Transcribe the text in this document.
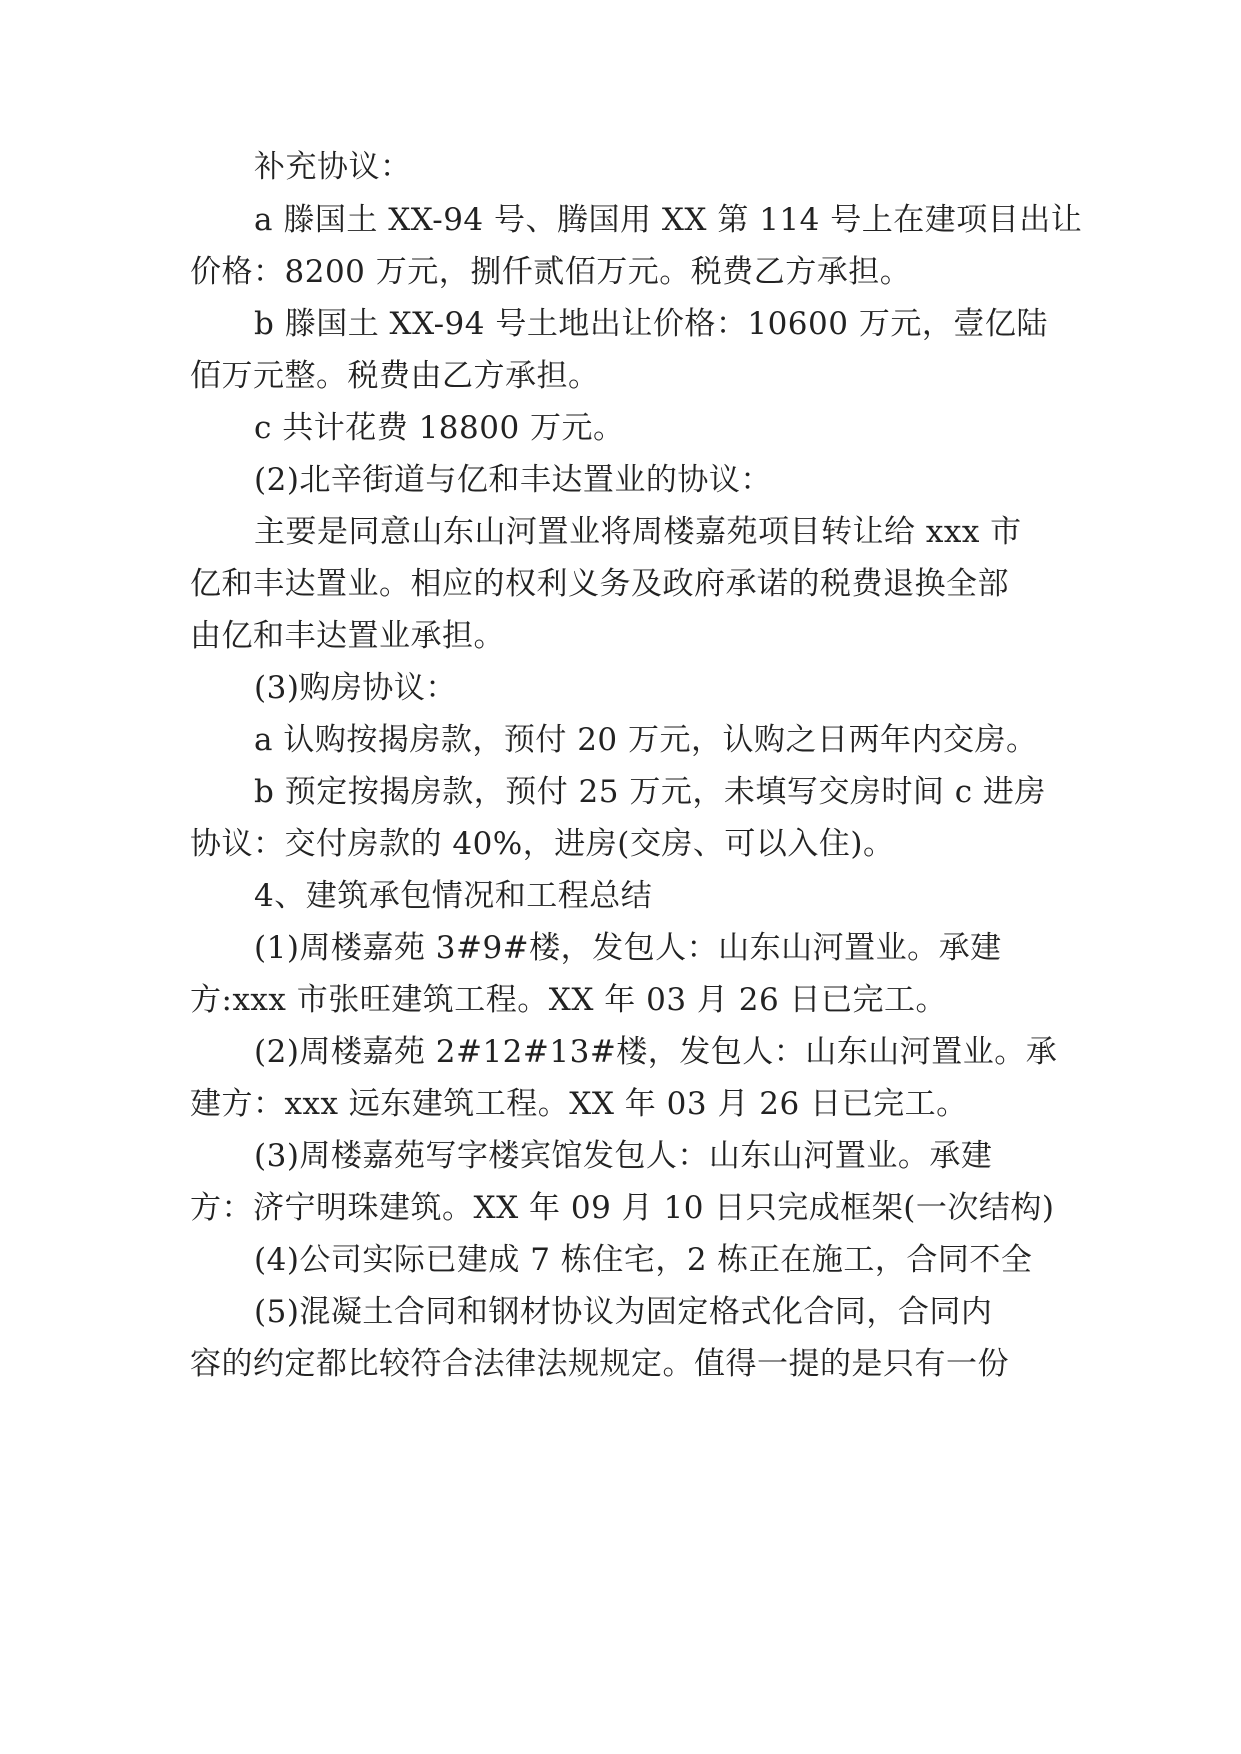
补充协议：
a 滕国土 XX-94 号、腾国用 XX 第 114 号上在建项目出让
价格：8200 万元，捌仟贰佰万元。税费乙方承担。
b 滕国土 XX-94 号土地出让价格：10600 万元，壹亿陆
佰万元整。税费由乙方承担。
c 共计花费 18800 万元。
(2)北辛街道与亿和丰达置业的协议：
主要是同意山东山河置业将周楼嘉苑项目转让给 xxx 市
亿和丰达置业。相应的权利义务及政府承诺的税费退换全部
由亿和丰达置业承担。
(3)购房协议：
a 认购按揭房款，预付 20 万元，认购之日两年内交房。
b 预定按揭房款，预付 25 万元，未填写交房时间 c 进房
协议：交付房款的 40%，进房(交房、可以入住)。
4、建筑承包情况和工程总结
(1)周楼嘉苑 3#9#楼，发包人：山东山河置业。承建
方:xxx 市张旺建筑工程。XX 年 03 月 26 日已完工。
(2)周楼嘉苑 2#12#13#楼，发包人：山东山河置业。承
建方：xxx 远东建筑工程。XX 年 03 月 26 日已完工。
(3)周楼嘉苑写字楼宾馆发包人：山东山河置业。承建
方：济宁明珠建筑。XX 年 09 月 10 日只完成框架(一次结构)
(4)公司实际已建成 7 栋住宅，2 栋正在施工，合同不全
(5)混凝土合同和钢材协议为固定格式化合同，合同内
容的约定都比较符合法律法规规定。值得一提的是只有一份
